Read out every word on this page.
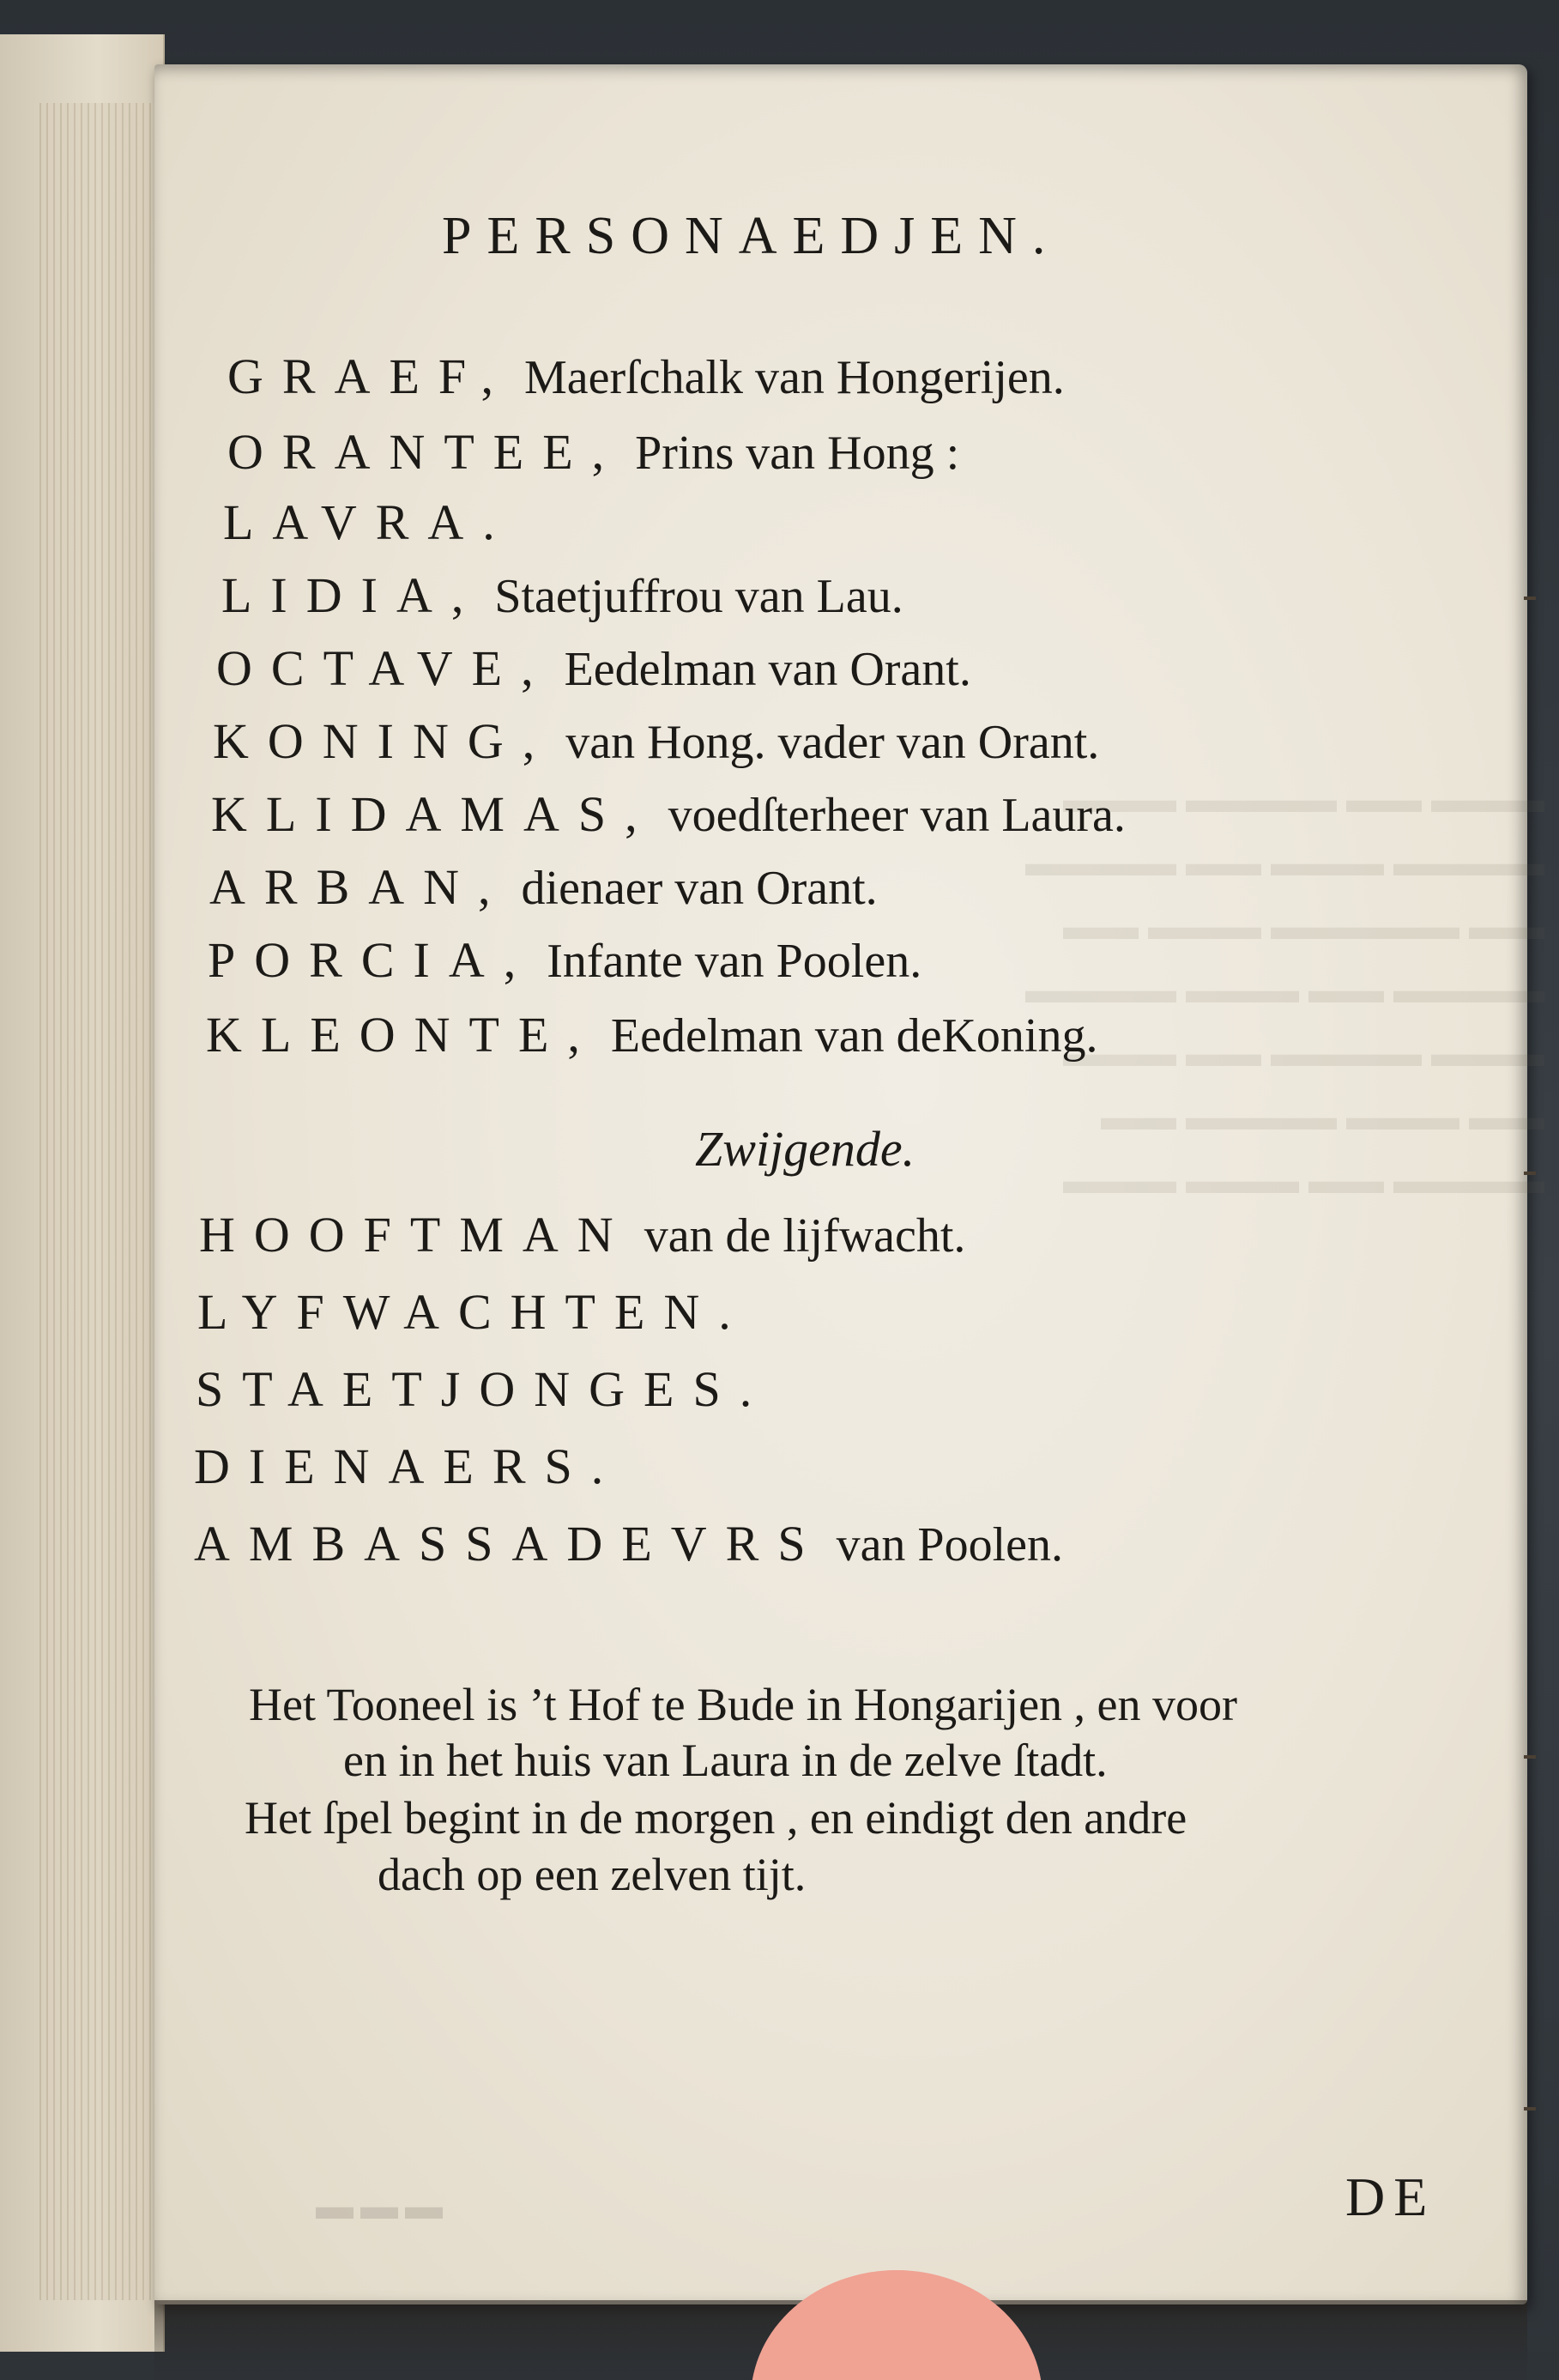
▬▬▬ ▬▬ ▬▬▬▬ ▬▬▬
▬▬▬▬ ▬▬▬ ▬▬ ▬▬▬▬
▬▬ ▬▬▬▬▬ ▬▬▬ ▬▬
▬▬▬▬ ▬▬ ▬▬▬ ▬▬▬▬
▬▬▬ ▬▬▬▬ ▬▬ ▬▬▬
▬▬ ▬▬▬ ▬▬▬▬ ▬▬
▬▬▬▬ ▬▬ ▬▬▬ ▬▬▬

PERSONAEDJEN.

GRAEF, Maerſchalk van Hongerijen.

ORANTEE, Prins van Hong :

LAVRA.

LIDIA, Staetjuffrou van Lau.

OCTAVE, Eedelman van Orant.

KONING, van Hong. vader van Orant.

KLIDAMAS, voedſterheer van Laura.

ARBAN, dienaer van Orant.

PORCIA, Infante van Poolen.

KLEONTE, Eedelman van deKoning.

Zwijgende.

HOOFTMAN van de lijfwacht.

LYFWACHTEN.

STAETJONGES.

DIENAERS.

AMBASSADEVRS van Poolen.

Het Tooneel is ’t Hof te Bude in Hongarijen , en voor

en in het huis van Laura in de zelve ſtadt.

Het ſpel begint in de morgen , en eindigt den andre

dach op een zelven tijt.

▬▬▬	DE
